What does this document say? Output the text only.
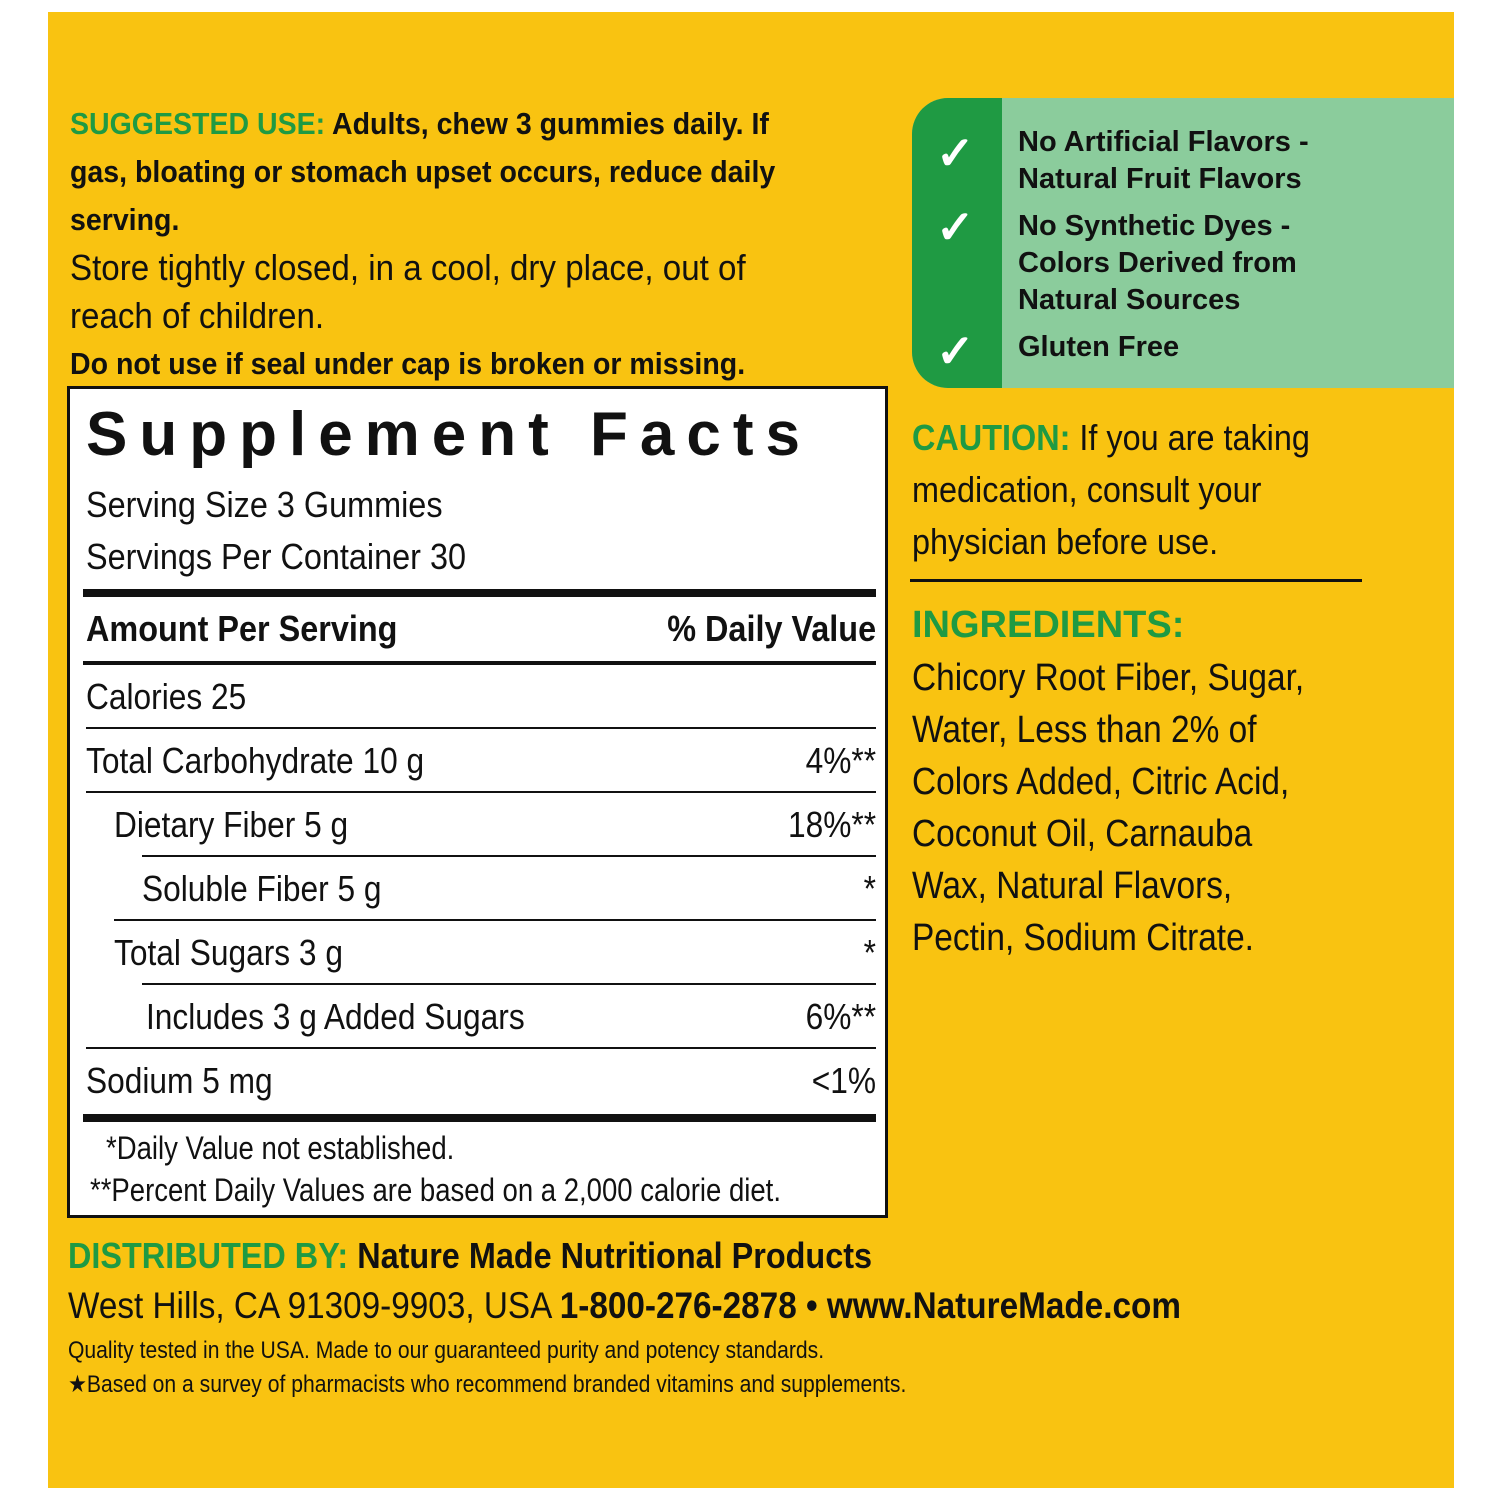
SUGGESTED USE: Adults, chew 3 gummies daily. If gas, bloating or stomach upset occurs, reduce daily serving.

Store tightly closed, in a cool, dry place, out of reach of children.

Do not use if seal under cap is broken or missing.

Supplement Facts
Serving Size 3 Gummies
Servings Per Container 30
Amount Per Serving	% Daily Value
Calories 25
Total Carbohydrate 10 g	4%**
Dietary Fiber 5 g	18%**
Soluble Fiber 5 g	*
Total Sugars 3 g	*
Includes 3 g Added Sugars	6%**
Sodium 5 mg	<1%
*Daily Value not established.
**Percent Daily Values are based on a 2,000 calorie diet.
✓
✓
✓
No Artificial Flavors -
Natural Fruit Flavors
No Synthetic Dyes -
Colors Derived from
Natural Sources
Gluten Free
CAUTION: If you are taking medication, consult your physician before use.
INGREDIENTS:
Chicory Root Fiber, Sugar, Water, Less than 2% of Colors Added, Citric Acid, Coconut Oil, Carnauba Wax, Natural Flavors, Pectin, Sodium Citrate.
DISTRIBUTED BY: Nature Made Nutritional Products
West Hills, CA 91309-9903, USA 1-800-276-2878 • www.NatureMade.com
Quality tested in the USA. Made to our guaranteed purity and potency standards.
★Based on a survey of pharmacists who recommend branded vitamins and supplements.
